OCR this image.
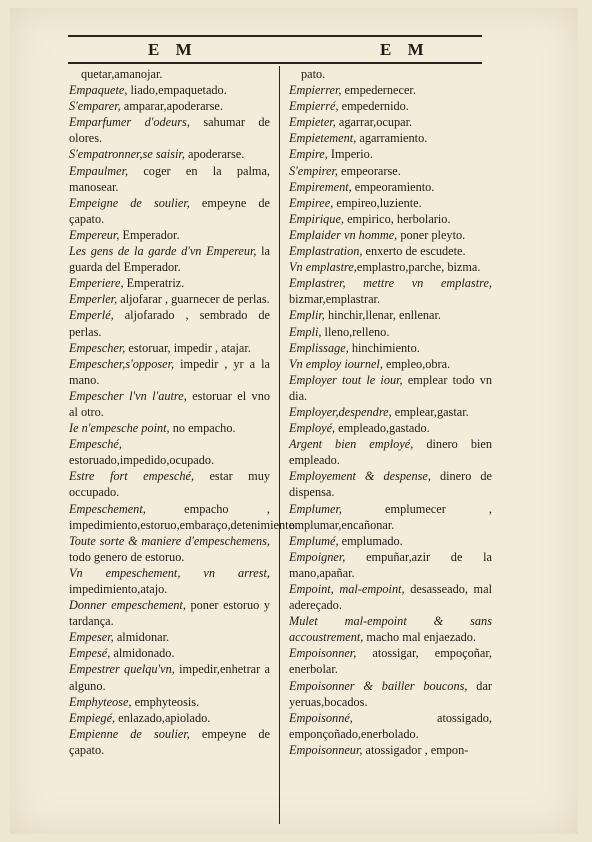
E M	E M
quetar,amanojar.
Empaquete, liado,empaquetado.
S'emparer, amparar,apoderarse.
Emparfumer d'odeurs, sahumar de olores.
S'empatronner,se saisir, apoderarse.
Empaulmer, coger en la palma, manosear.
Empeigne de soulier, empeyne de çapato.
Empereur, Emperador.
Les gens de la garde d'vn Empereur, la guarda del Emperador.
Emperiere, Emperatriz.
Emperler, aljofarar , guarnecer de perlas.
Emperlé, aljofarado , sembrado de perlas.
Empescher, estoruar, impedir , atajar.
Empescher,s'opposer, impedir , yr a la mano.
Empescher l'vn l'autre, estoruar el vno al otro.
Ie n'empesche point, no empacho.
Empesché, estoruado,impedido,ocupado.
Estre fort empesché, estar muy occupado.
Empeschement, empacho , impedimiento,estoruo,embaraço,detenimiento.
Toute sorte & maniere d'empeschemens, todo genero de estoruo.
Vn empeschement, vn arrest, impedimiento,atajo.
Donner empeschement, poner estoruo y tardança.
Empeser, almidonar.
Empesé, almidonado.
Empestrer quelqu'vn, impedir,enhetrar a alguno.
Emphyteose, emphyteosis.
Empiegé, enlazado,apiolado.
Empienne de soulier, empeyne de çapato.
pato.
Empierrer, empedernecer.
Empierré, empedernido.
Empieter, agarrar,ocupar.
Empietement, agarramiento.
Empire, Imperio.
S'empirer, empeorarse.
Empirement, empeoramiento.
Empiree, empireo,luziente.
Empirique, empirico, herbolario.
Emplaider vn homme, poner pleyto.
Emplastration, enxerto de escudete.
Vn emplastre,emplastro,parche, bizma.
Emplastrer, mettre vn emplastre, bizmar,emplastrar.
Emplir, hinchir,llenar, enllenar.
Empli, lleno,relleno.
Emplissage, hinchimiento.
Vn employ iournel, empleo,obra.
Employer tout le iour, emplear todo vn dia.
Employer,despendre, emplear,gastar.
Employé, empleado,gastado.
Argent bien employé, dinero bien empleado.
Employement & despense, dinero de dispensa.
Emplumer, emplumecer , emplumar,encañonar.
Emplumé, emplumado.
Empoigner, empuñar,azir de la mano,apañar.
Empoint, mal-empoint, desasseado, mal adereçado.
Mulet mal-empoint & sans accoustrement, macho mal enjaezado.
Empoisonner, atossigar, empoçoñar, enerbolar.
Empoisonner & bailler boucons, dar yeruas,bocados.
Empoisonné, atossigado, emponçoñado,enerbolado.
Empoisonneur, atossigador , empon-
